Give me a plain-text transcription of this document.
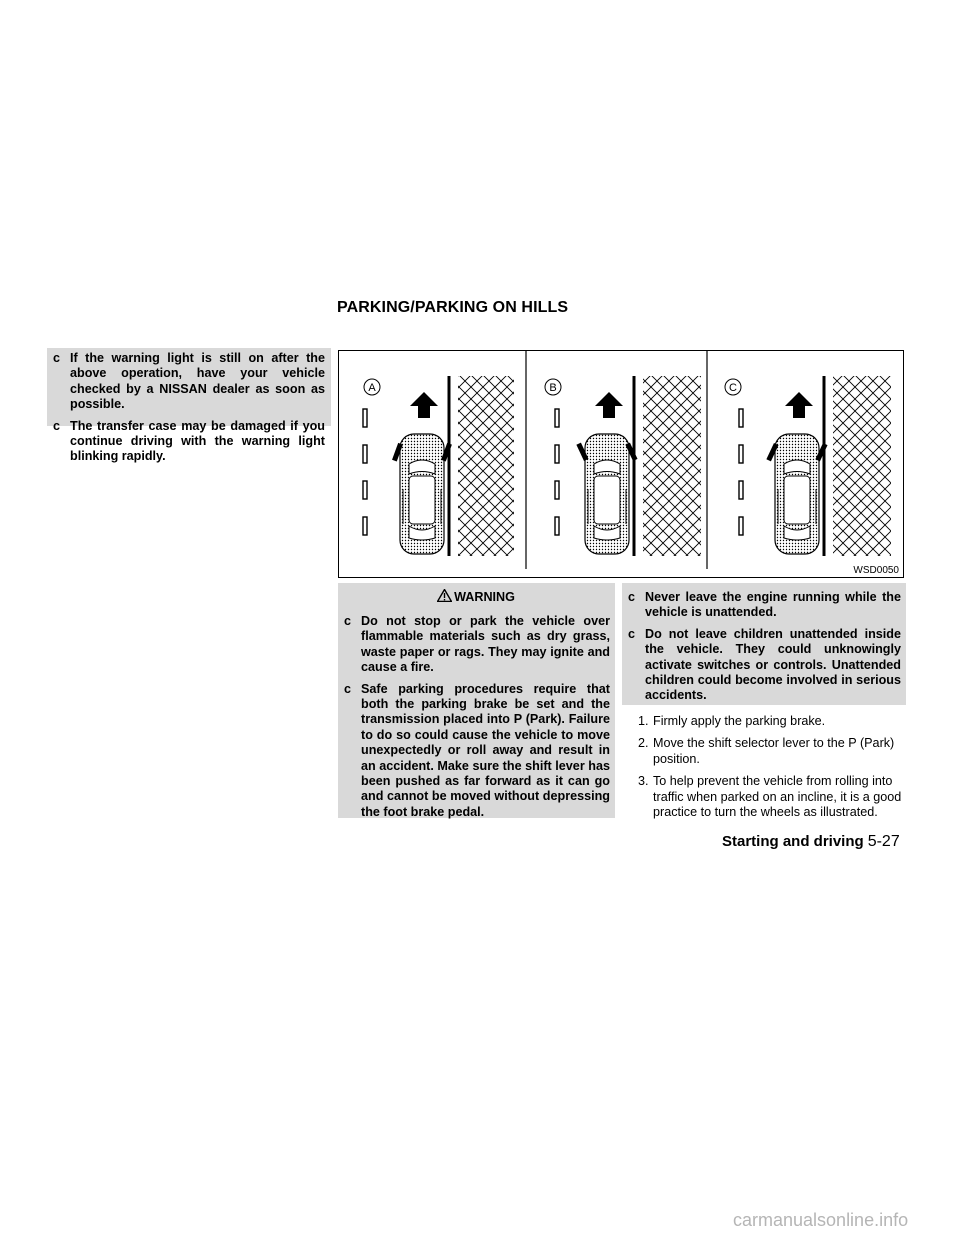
PARKING/PARKING ON HILLS
c If the warning light is still on after the above operation, have your vehicle checked by a NISSAN dealer as soon as possible.
c The transfer case may be damaged if you continue driving with the warning light blinking rapidly.
A	B	C
WSD0050
WARNING
c Do not stop or park the vehicle over flammable materials such as dry grass, waste paper or rags. They may ignite and cause a fire.
c Safe parking procedures require that both the parking brake be set and the transmission placed into P (Park). Failure to do so could cause the vehicle to move unexpectedly or roll away and result in an accident. Make sure the shift lever has been pushed as far forward as it can go and cannot be moved without depressing the foot brake pedal.
c Never leave the engine running while the vehicle is unattended.
c Do not leave children unattended inside the vehicle. They could unknowingly activate switches or controls. Unattended children could become involved in serious accidents.
1. Firmly apply the parking brake.
2. Move the shift selector lever to the P (Park) position.
3. To help prevent the vehicle from rolling into traffic when parked on an incline, it is a good practice to turn the wheels as illustrated.
Starting and driving 5-27
carmanualsonline.info
